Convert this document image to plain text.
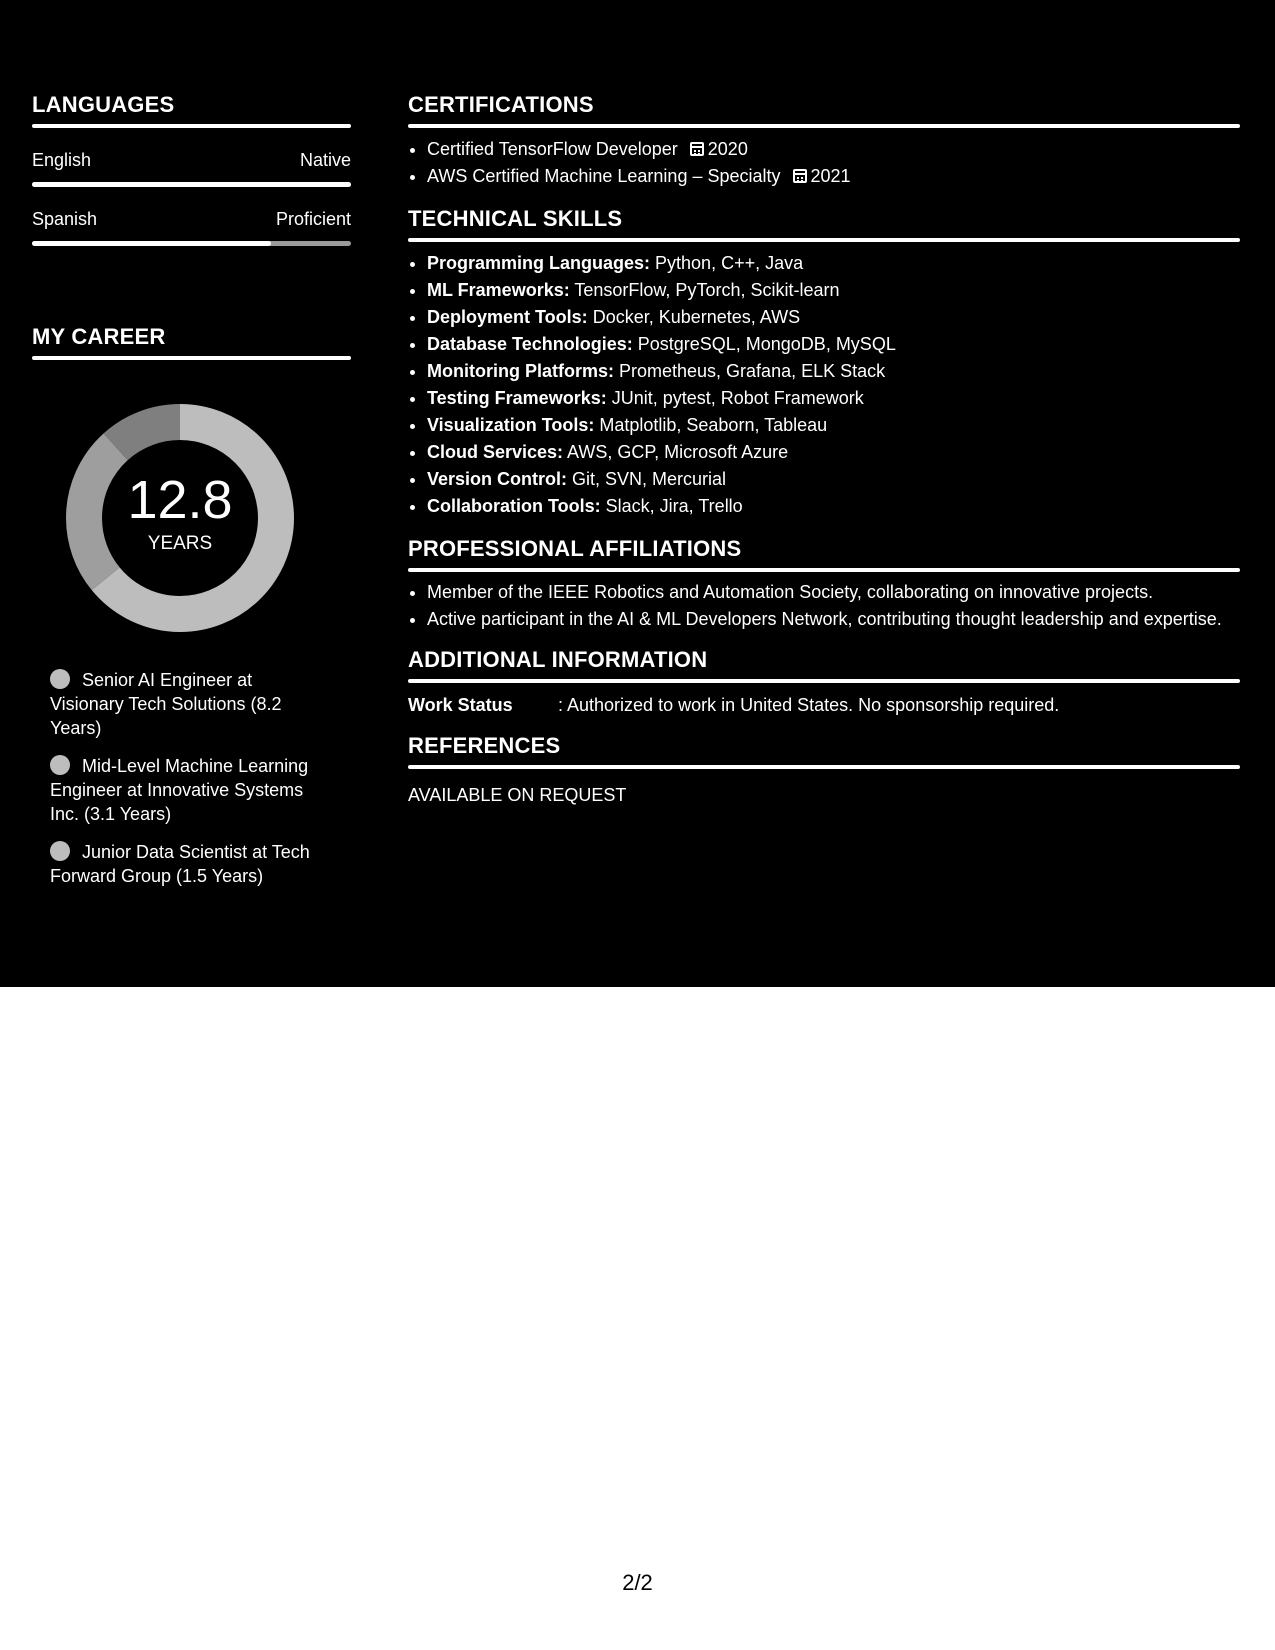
LANGUAGES
English	Native
Spanish	Proficient
MY CAREER
12.8
YEARS
Senior AI Engineer at Visionary Tech Solutions (8.2 Years)
Mid-Level Machine Learning Engineer at Innovative Systems Inc. (3.1 Years)
Junior Data Scientist at Tech Forward Group (1.5 Years)
CERTIFICATIONS
• Certified TensorFlow Developer 2020
• AWS Certified Machine Learning – Specialty 2021
TECHNICAL SKILLS
• Programming Languages: Python, C++, Java
• ML Frameworks: TensorFlow, PyTorch, Scikit-learn
• Deployment Tools: Docker, Kubernetes, AWS
• Database Technologies: PostgreSQL, MongoDB, MySQL
• Monitoring Platforms: Prometheus, Grafana, ELK Stack
• Testing Frameworks: JUnit, pytest, Robot Framework
• Visualization Tools: Matplotlib, Seaborn, Tableau
• Cloud Services: AWS, GCP, Microsoft Azure
• Version Control: Git, SVN, Mercurial
• Collaboration Tools: Slack, Jira, Trello
PROFESSIONAL AFFILIATIONS
• Member of the IEEE Robotics and Automation Society, collaborating on innovative projects.
• Active participant in the AI & ML Developers Network, contributing thought leadership and expertise.
ADDITIONAL INFORMATION
Work Status	: Authorized to work in United States. No sponsorship required.
REFERENCES
AVAILABLE ON REQUEST
2/2
